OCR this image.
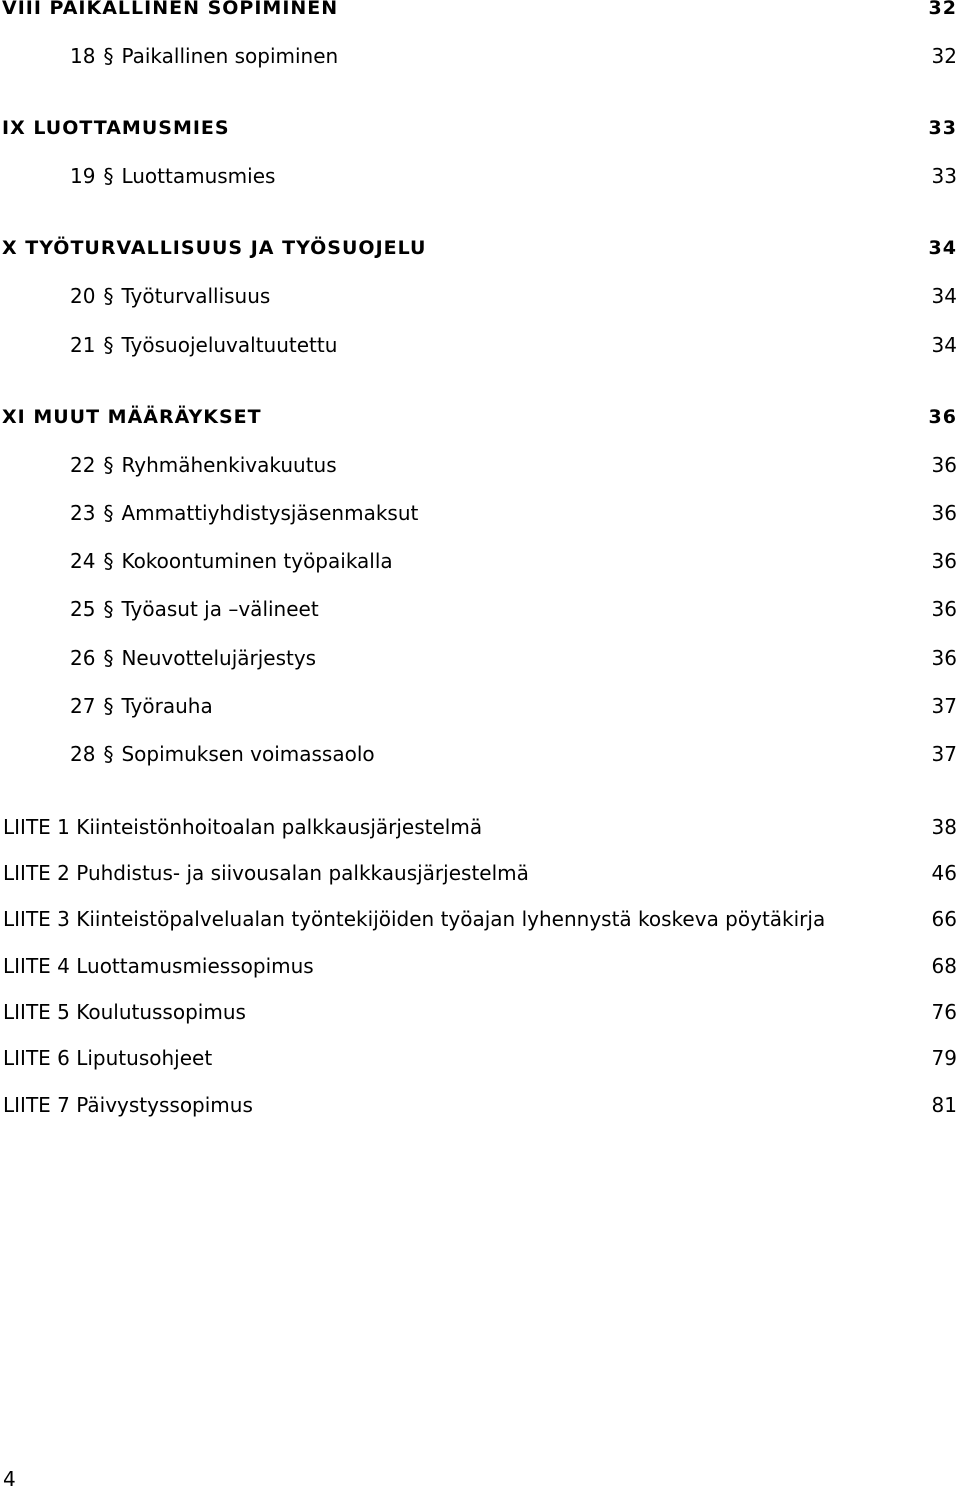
VIII PAIKALLINEN SOPIMINEN	32
18 § Paikallinen sopiminen	32
IX LUOTTAMUSMIES	33
19 § Luottamusmies	33
X TYÖTURVALLISUUS JA TYÖSUOJELU	34
20 § Työturvallisuus	34
21 § Työsuojeluvaltuutettu	34
XI MUUT MÄÄRÄYKSET	36
22 § Ryhmähenkivakuutus	36
23 § Ammattiyhdistysjäsenmaksut	36
24 § Kokoontuminen työpaikalla	36
25 § Työasut ja –välineet	36
26 § Neuvottelujärjestys	36
27 § Työrauha	37
28 § Sopimuksen voimassaolo	37
LIITE 1 Kiinteistönhoitoalan palkkausjärjestelmä	38
LIITE 2 Puhdistus- ja siivousalan palkkausjärjestelmä	46
LIITE 3 Kiinteistöpalvelualan työntekijöiden työajan lyhennystä koskeva pöytäkirja	66
LIITE 4 Luottamusmiessopimus	68
LIITE 5 Koulutussopimus	76
LIITE 6 Liputusohjeet	79
LIITE 7 Päivystyssopimus	81
4
